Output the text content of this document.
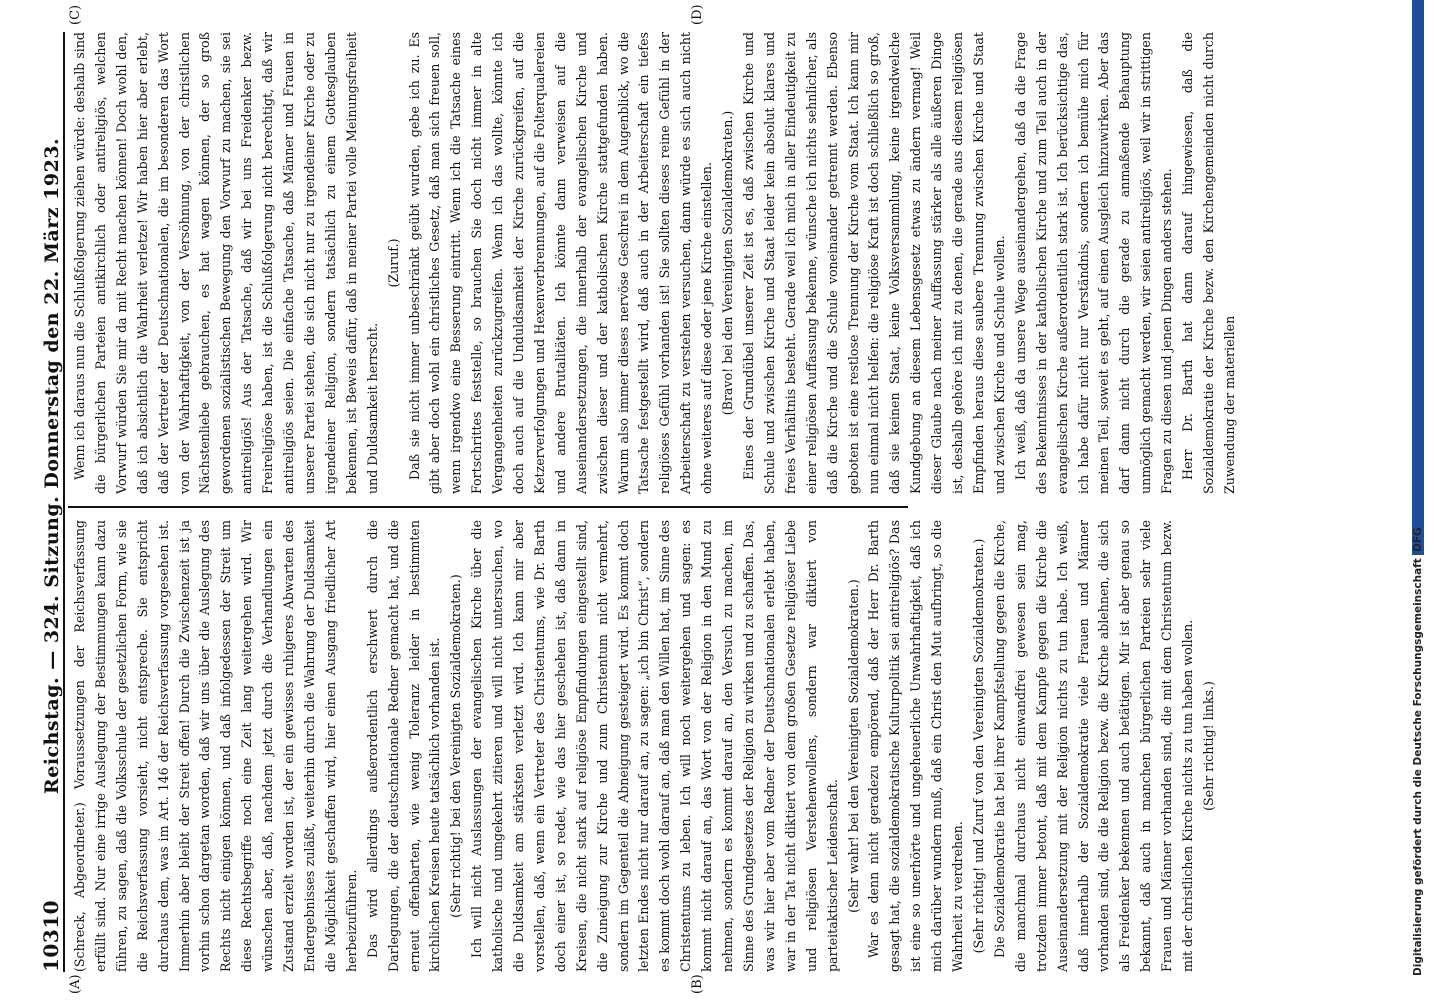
10310
Reichstag. — 324. Sitzung. Donnerstag den 22. März 1923. (Schreck, Abgeordneter.) Voraussetzungen der Reichsverfassung erfüllt sind. Nur eine irrige Auslegung der Bestimmungen kann dazu führen, zu sagen, daß die Volksschule der gesetzlichen Form, wie sie die Reichsverfassung vorsieht, nicht entspreche. Sie entspricht durchaus dem, was im Art. 146 der Reichsverfassung vorgesehen ist. Immerhin aber bleibt der Streit offen! Durch die Zwischenzeit ist ja vorhin schon dargetan worden, daß wir uns über die Auslegung des Rechts nicht einigen können, und daß infolgedessen der Streit um diese Rechtsbegriffe noch eine Zeit lang weitergehen wird. Wir wünschen aber, daß, nachdem jetzt durch die Verhandlungen ein Zustand erzielt worden ist, der ein gewisses ruhigeres Abwarten des Endergebnisses zuläßt, weiterhin durch die Wahrung der Duldsamkeit die Möglichkeit geschaffen wird, hier einen Ausgang friedlicher Art herbeizuführen. Das wird allerdings außerordentlich erschwert durch die Darlegungen, die der deutschnationale Redner gemacht hat, und die erneut offenbarten, wie wenig Toleranz leider in bestimmten kirchlichen Kreisen heute tatsächlich vorhanden ist. (Sehr richtig! bei den Vereinigten Sozialdemokraten.) Ich will nicht Auslassungen der evangelischen Kirche über die katholische und umgekehrt zitieren und will nicht untersuchen, wo die Duldsamkeit am stärksten verletzt wird. Ich kann mir aber vorstellen, daß, wenn ein Vertreter des Christentums, wie Dr. Barth doch einer ist, so redet, wie das hier geschehen ist, daß dann in Kreisen, die nicht stark auf religiöse Empfindungen eingestellt sind, die Zuneigung zur Kirche und zum Christentum nicht vermehrt, sondern im Gegenteil die Abneigung gesteigert wird. Es kommt doch letzten Endes nicht nur darauf an, zu sagen: „ich bin Christ“, sondern es kommt doch wohl darauf an, daß man den Willen hat, im Sinne des Christentums zu leben. Ich will noch weitergehen und sagen: es kommt nicht darauf an, das Wort von der Religion in den Mund zu nehmen, sondern es kommt darauf an, den Versuch zu machen, im Sinne des Grundgesetzes der Religion zu wirken und zu schaffen. Das, was wir hier aber vom Redner der Deutschnationalen erlebt haben, war in der Tat nicht diktiert von dem großen Gesetze religiöser Liebe und religiösen Verstehenwollens, sondern war diktiert von parteitaktischer Leidenschaft. (Sehr wahr! bei den Vereinigten Sozialdemokraten.) War es denn nicht geradezu empörend, daß der Herr Dr. Barth gesagt hat, die sozialdemokratische Kulturpolitik sei antireligiös? Das ist eine so unerhörte und ungeheuerliche Unwahrhaftigkeit, daß ich mich darüber wundern muß, daß ein Christ den Mut aufbringt, so die Wahrheit zu verdrehen. (Sehr richtig! und Zuruf von den Vereinigten Sozialdemokraten.) Die Sozialdemokratie hat bei ihrer Kampfstellung gegen die Kirche, die manchmal durchaus nicht einwandfrei gewesen sein mag, trotzdem immer betont, daß mit dem Kampfe gegen die Kirche die Auseinandersetzung mit der Religion nichts zu tun habe. Ich weiß, daß innerhalb der Sozialdemokratie viele Frauen und Männer vorhanden sind, die die Religion bezw. die Kirche ablehnen, die sich als Freidenker bekennen und auch betätigen. Mir ist aber genau so bekannt, daß auch in manchen bürgerlichen Parteien sehr viele Frauen und Männer vorhanden sind, die mit dem Christentum bezw. mit der christlichen Kirche nichts zu tun haben wollen. (Sehr richtig! links.)

Wenn ich daraus nun die Schlußfolgerung ziehen würde: deshalb sind die bürgerlichen Parteien antikirchlich oder antireligiös, welchen Vorwurf würden Sie mir da mit Recht machen können! Doch wohl den, daß ich absichtlich die Wahrheit verletze! Wir haben hier aber erlebt, daß der Vertreter der Deutschnationalen, die im besonderen das Wort von der Wahrhaftigkeit, von der Versöhnung, von der christlichen Nächstenliebe gebrauchen, es hat wagen können, der so groß gewordenen sozialistischen Bewegung den Vorwurf zu machen, sie sei antireligiös! Aus der Tatsache, daß wir bei uns Freidenker bezw. Freireligiöse haben, ist die Schlußfolgerung nicht berechtigt, daß wir antireligiös seien. Die einfache Tatsache, daß Männer und Frauen in unserer Partei stehen, die sich nicht nur zu irgendeiner Kirche oder zu irgendeiner Religion, sondern tatsächlich zu einem Gottesglauben bekennen, ist Beweis dafür, daß in meiner Partei volle Meinungsfreiheit und Duldsamkeit herrscht.

(Zuruf.) Daß sie nicht immer unbeschränkt geübt wurden, gebe ich zu. Es gibt aber doch wohl ein christliches Gesetz, daß man sich freuen soll, wenn irgendwo eine Besserung eintritt. Wenn ich die Tatsache eines Fortschrittes feststelle, so brauchen Sie doch nicht immer in alte Vergangenheiten zurückzugreifen. Wenn ich das wollte, könnte ich doch auch auf die Unduldsamkeit der Kirche zurückgreifen, auf die Ketzerverfolgungen und Hexenverbrennungen, auf die Folterqualereien und andere Brutalitäten. Ich könnte dann verweisen auf die Auseinandersetzungen, die innerhalb der evangelischen Kirche und zwischen dieser und der katholischen Kirche stattgefunden haben. Warum also immer dieses nervöse Geschrei in dem Augenblick, wo die Tatsache festgestellt wird, daß auch in der Arbeiterschaft ein tiefes religiöses Gefühl vorhanden ist! Sie sollten dieses reine Gefühl in der Arbeiterschaft zu verstehen versuchen, dann würde es sich auch nicht ohne weiteres auf diese oder jene Kirche einstellen. (Bravo! bei den Vereinigten Sozialdemokraten.) Eines der Grundübel unserer Zeit ist es, daß zwischen Kirche und Schule und zwischen Kirche und Staat leider kein absolut klares und freies Verhältnis besteht. Gerade weil ich mich in aller Eindeutigkeit zu einer religiösen Auffassung bekenne, wünsche ich nichts sehnlicher, als daß die Kirche und die Schule voneinander getrennt werden. Ebenso geboten ist eine restlose Trennung der Kirche vom Staat. Ich kann mir nun einmal nicht helfen: die religiöse Kraft ist doch schließlich so groß, daß sie keinen Staat, keine Volksversammlung, keine irgendwelche Kundgebung an diesem Lebensgesetz etwas zu ändern vermag! Weil dieser Glaube nach meiner Auffassung stärker als alle äußeren Dinge ist, deshalb gehöre ich mit zu denen, die gerade aus diesem religiösen Empfinden heraus diese saubere Trennung zwischen Kirche und Staat und zwischen Kirche und Schule wollen. Ich weiß, daß da unsere Wege auseinandergehen, daß da die Frage des Bekenntnisses in der katholischen Kirche und zum Teil auch in der evangelischen Kirche außerordentlich stark ist. Ich berücksichtige das, ich habe dafür nicht nur Verständnis, sondern ich bemühe mich für meinen Teil, soweit es geht, auf einen Ausgleich hinzuwirken. Aber das darf dann nicht durch die gerade zu anmaßende Behauptung unmöglich gemacht werden, wir seien antireligiös, weil wir in strittigen Fragen zu diesen und jenen Dingen anders stehen. Herr Dr. Barth hat dann darauf hingewiesen, daß die Sozialdemokratie der Kirche bezw. den Kirchengemeinden nicht durch Zuwendung der materiellen

(A)	(B)
(C)	(D)
Digitalisierung gefördert durch die Deutsche Forschungsgemeinschaft DFG
